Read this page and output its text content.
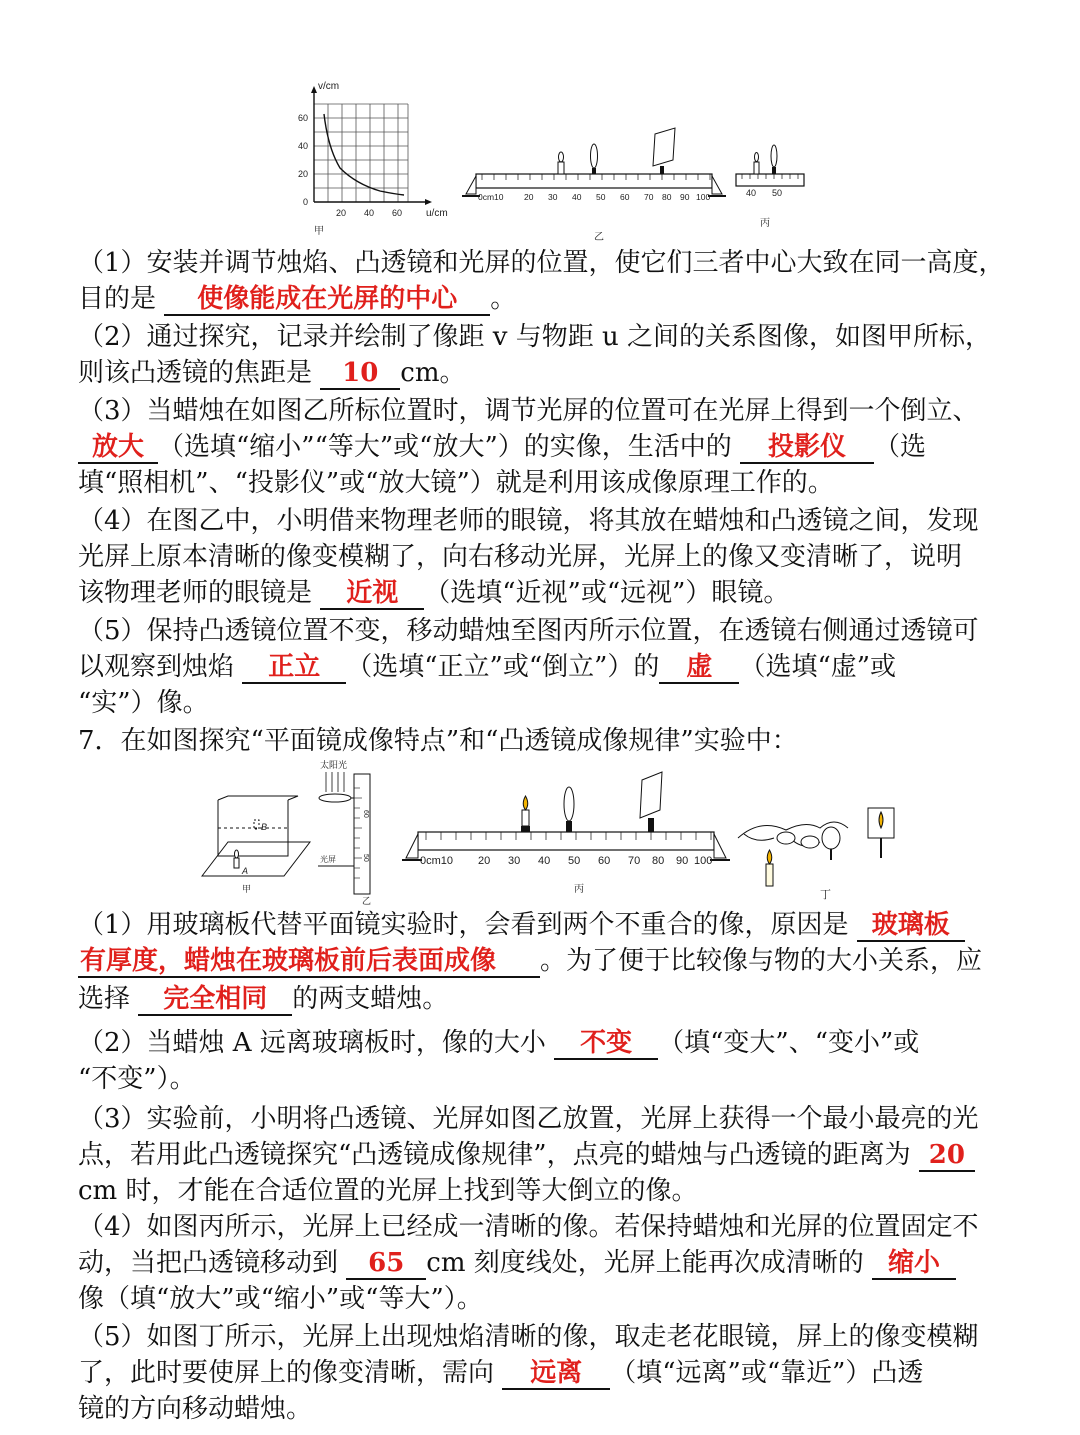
v/cm
u/cm
60
40
20
0
20 40 60
甲
0cm10 20 30 40 50 60 70 80 90 100
乙
40 50
丙
（1）安装并调节烛焰、凸透镜和光屏的位置，使它们三者中心大致在同一高度，
目的是 使像能成在光屏的中心 。
（2）通过探究，记录并绘制了像距 v 与物距 u 之间的关系图像，如图甲所标，
则该凸透镜的焦距是 10 cm。
（3）当蜡烛在如图乙所标位置时，调节光屏的位置可在光屏上得到一个倒立、
放大 （选填“缩小”“等大”或“放大”）的实像，生活中的 投影仪 （选
填“照相机”、“投影仪”或“放大镜”）就是利用该成像原理工作的。
（4）在图乙中，小明借来物理老师的眼镜，将其放在蜡烛和凸透镜之间，发现
光屏上原本清晰的像变模糊了，向右移动光屏，光屏上的像又变清晰了，说明
该物理老师的眼镜是 近视 （选填“近视”或“远视”）眼镜。
（5）保持凸透镜位置不变，移动蜡烛至图丙所示位置，在透镜右侧通过透镜可
以观察到烛焰 正立 （选填“正立”或“倒立”）的 虚 （选填“虚”或
“实”）像。
7．在如图探究“平面镜成像特点”和“凸透镜成像规律”实验中：
A
B
甲
太阳光
60
50
光屏
乙
0cm10 20 30 40 50 60 70 80 90 100
丙	丁
（1）用玻璃板代替平面镜实验时，会看到两个不重合的像，原因是 玻璃板
有厚度，蜡烛在玻璃板前后表面成像 。为了便于比较像与物的大小关系，应
选择 完全相同 的两支蜡烛。
（2）当蜡烛 A 远离玻璃板时，像的大小 不变 （填“变大”、“变小”或
“不变”）。
（3）实验前，小明将凸透镜、光屏如图乙放置，光屏上获得一个最小最亮的光
点，若用此凸透镜探究“凸透镜成像规律”，点亮的蜡烛与凸透镜的距离为 20
cm 时，才能在合适位置的光屏上找到等大倒立的像。
（4）如图丙所示，光屏上已经成一清晰的像。若保持蜡烛和光屏的位置固定不
动，当把凸透镜移动到 65 cm 刻度线处，光屏上能再次成清晰的 缩小
像（填“放大”或“缩小”或“等大”）。
（5）如图丁所示，光屏上出现烛焰清晰的像，取走老花眼镜，屏上的像变模糊
了，此时要使屏上的像变清晰，需向 远离 （填“远离”或“靠近”）凸透
镜的方向移动蜡烛。
